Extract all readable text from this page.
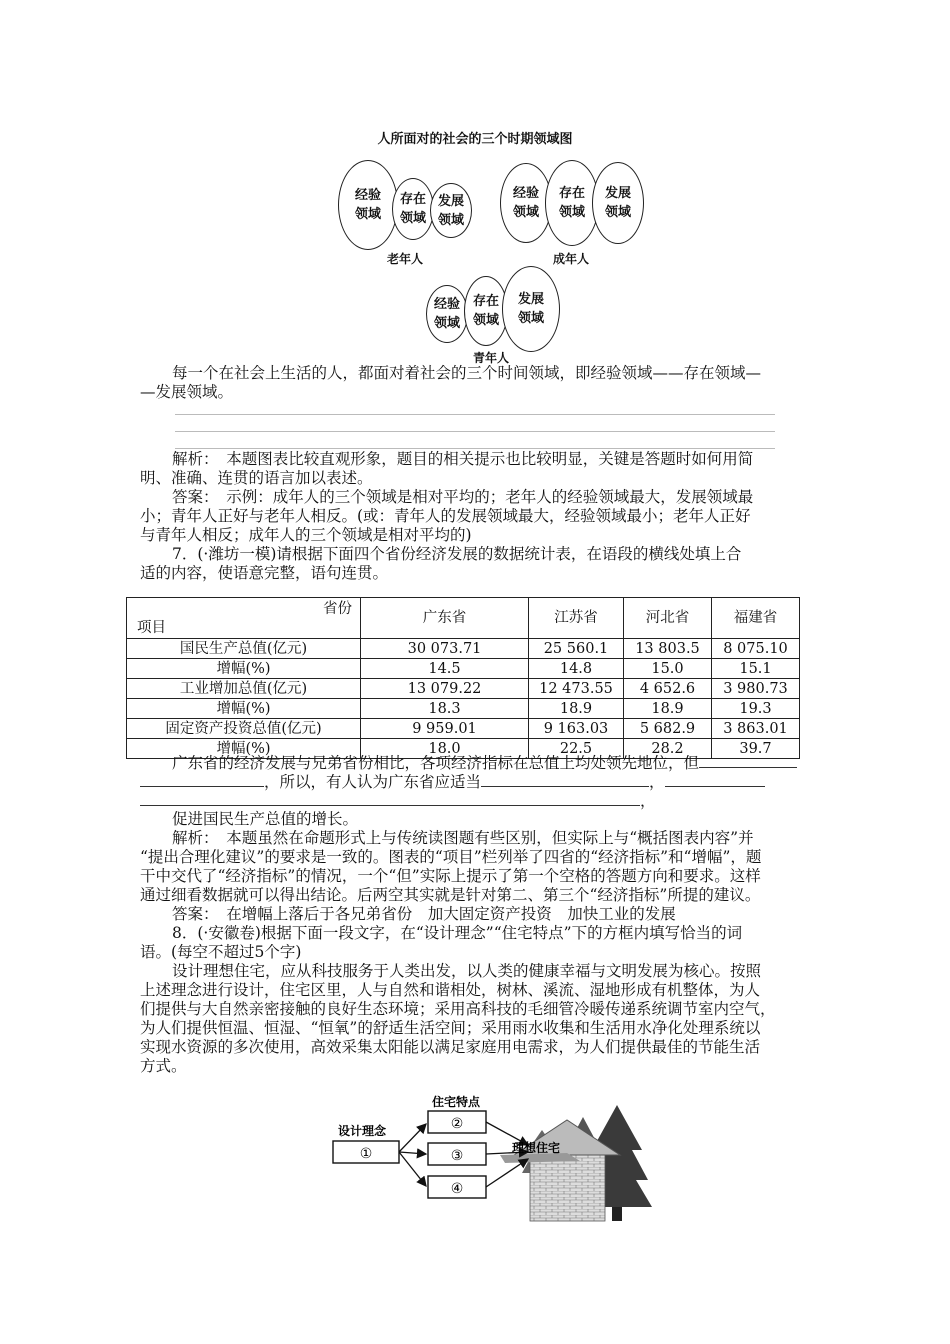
人所面对的社会的三个时期领域图
经验
领域
存在
领域
发展
领域
老年人
经验
领域
存在
领域
发展
领域
成年人
经验
领域
存在
领域
发展
领域
青年人
每一个在社会上生活的人，都面对着社会的三个时间领域，即经验领域——存在领域—
—发展领域。
解析：　本题图表比较直观形象，题目的相关提示也比较明显，关键是答题时如何用简
明、准确、连贯的语言加以表述。
答案：　示例：成年人的三个领域是相对平均的；老年人的经验领域最大，发展领域最
小；青年人正好与老年人相反。(或：青年人的发展领域最大，经验领域最小；老年人正好
与青年人相反；成年人的三个领域是相对平均的)
7．(·潍坊一模)请根据下面四个省份经济发展的数据统计表，在语段的横线处填上合
适的内容，使语意完整，语句连贯。
省份
项目	广东省	江苏省	河北省	福建省
国民生产总值(亿元)	30 073.71	25 560.1	13 803.5	8 075.10
增幅(%)	14.5	14.8	15.0	15.1
工业增加总值(亿元)	13 079.22	12 473.55	4 652.6	3 980.73
增幅(%)	18.3	18.9	18.9	19.3
固定资产投资总值(亿元)	9 959.01	9 163.03	5 682.9	3 863.01
增幅(%)	18.0	22.5	28.2	39.7
广东省的经济发展与兄弟省份相比，各项经济指标在总值上均处领先地位，但
，所以，有人认为广东省应适当	，
，
促进国民生产总值的增长。
解析：　本题虽然在命题形式上与传统读图题有些区别，但实际上与“概括图表内容”并
“提出合理化建议”的要求是一致的。图表的“项目”栏列举了四省的“经济指标”和“增幅”，题
干中交代了“经济指标”的情况，一个“但”实际上提示了第一个空格的答题方向和要求。这样
通过细看数据就可以得出结论。后两空其实就是针对第二、第三个“经济指标”所提的建议。
答案：　在增幅上落后于各兄弟省份　加大固定资产投资　加快工业的发展
8．(·安徽卷)根据下面一段文字，在“设计理念”“住宅特点”下的方框内填写恰当的词
语。(每空不超过5个字)
设计理想住宅，应从科技服务于人类出发，以人类的健康幸福与文明发展为核心。按照
上述理念进行设计，住宅区里，人与自然和谐相处，树林、溪流、湿地形成有机整体，为人
们提供与大自然亲密接触的良好生态环境；采用高科技的毛细管冷暖传递系统调节室内空气，
为人们提供恒温、恒湿、“恒氧”的舒适生活空间；采用雨水收集和生活用水净化处理系统以
实现水资源的多次使用，高效采集太阳能以满足家庭用电需求，为人们提供最佳的节能生活
方式。
设计理念
住宅特点
①
②
③
④
理想住宅
